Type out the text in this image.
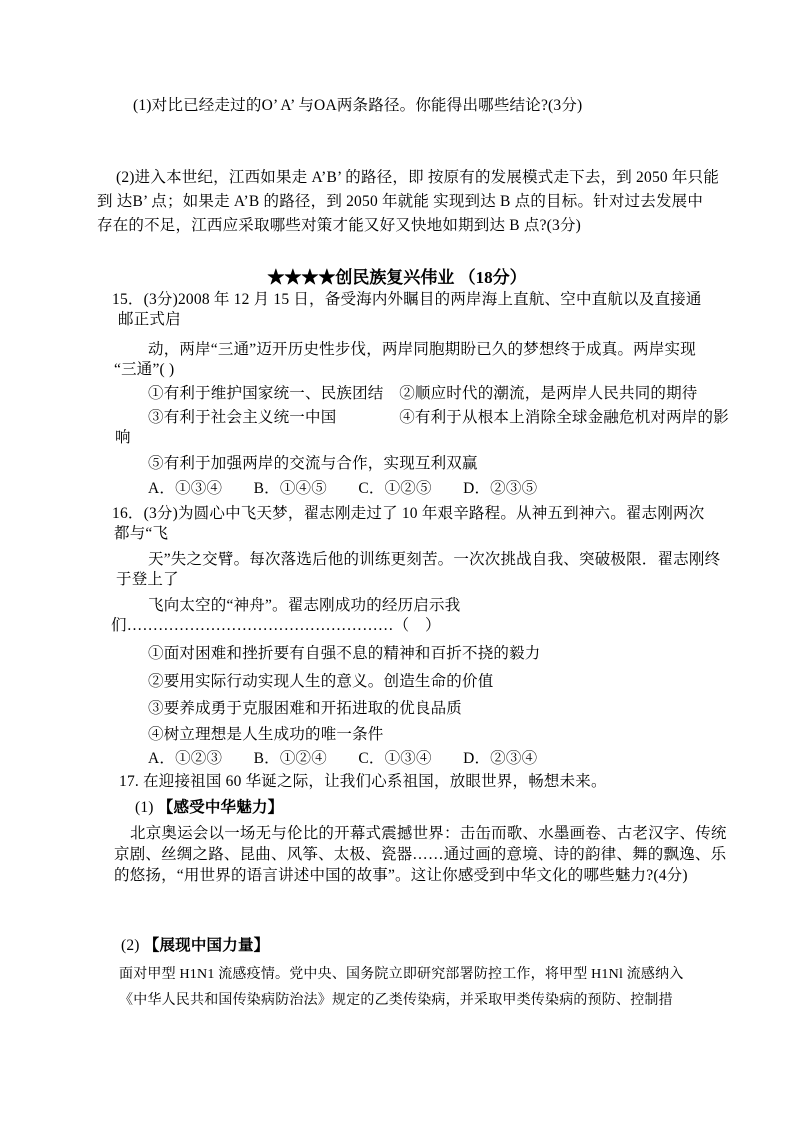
★★★★创民族复兴伟业 （18分）
(1)对比已经走过的O’ A’ 与OA两条路径。你能得出哪些结论?(3分)
(2)进入本世纪，江西如果走 A’B’ 的路径，即 按原有的发展模式走下去，到 2050 年只能
到 达B’ 点；如果走 A’B 的路径，到 2050 年就能 实现到达 B 点的目标。针对过去发展中
存在的不足，江西应采取哪些对策才能又好又快地如期到达 B 点?(3分)
15．(3分)2008 年 12 月 15 日，备受海内外瞩目的两岸海上直航、空中直航以及直接通
邮正式启
动，两岸“三通”迈开历史性步伐，两岸同胞期盼已久的梦想终于成真。两岸实现
“三通”( )
①有利于维护国家统一、民族团结　②顺应时代的潮流，是两岸人民共同的期待
③有利于社会主义统一中国　　　　④有利于从根本上消除全球金融危机对两岸的影
响
⑤有利于加强两岸的交流与合作，实现互利双赢
A．①③④　　B．①④⑤　　C．①②⑤　　D．②③⑤
16．(3分)为圆心中飞天梦，翟志刚走过了 10 年艰辛路程。从神五到神六。翟志刚两次
都与“飞
天”失之交臂。每次落选后他的训练更刻苦。一次次挑战自我、突破极限．翟志刚终
于登上了
飞向太空的“神舟”。翟志刚成功的经历启示我
们……………………………………………（　）
①面对困难和挫折要有自强不息的精神和百折不挠的毅力
②要用实际行动实现人生的意义。创造生命的价值
③要养成勇于克服困难和开拓进取的优良品质
④树立理想是人生成功的唯一条件
A．①②③　　B．①②④　　C．①③④　　D．②③④
17. 在迎接祖国 60 华诞之际，让我们心系祖国，放眼世界，畅想未来。
(1) 【感受中华魅力】
北京奥运会以一场无与伦比的开幕式震撼世界：击缶而歌、水墨画卷、古老汉字、传统
京剧、丝绸之路、昆曲、风筝、太极、瓷器……通过画的意境、诗的韵律、舞的飘逸、乐
的悠扬，“用世界的语言讲述中国的故事”。这让你感受到中华文化的哪些魅力?(4分)
(2) 【展现中国力量】
面对甲型 H1N1 流感疫情。党中央、国务院立即研究部署防控工作，将甲型 H1Nl 流感纳入
《中华人民共和国传染病防治法》规定的乙类传染病，并采取甲类传染病的预防、控制措
